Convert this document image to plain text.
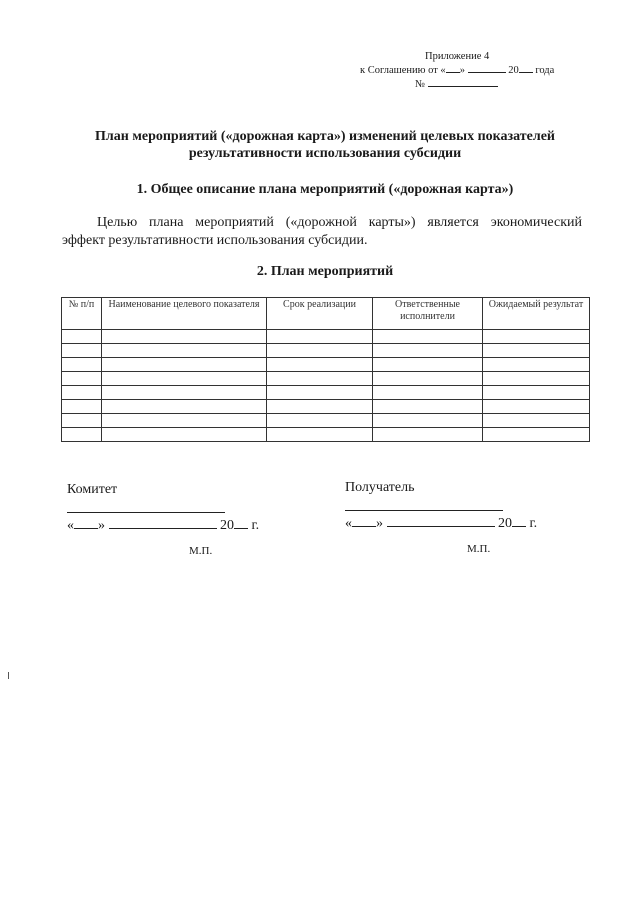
Приложение 4
к Соглашению от « »	20 года
№
План мероприятий («дорожная карта») изменений целевых показателей
результативности использования субсидии
1. Общее описание плана мероприятий («дорожная карта»)
Целью плана мероприятий («дорожной карты») является экономический
эффект результативности использования субсидии.
2. План мероприятий
№ п/п	Наименование целевого показателя	Срок реализации	Ответственные исполнители	Ожидаемый результат

Комитет
« »	20 г.
М.П.
Получатель
« »	20 г.
М.П.
